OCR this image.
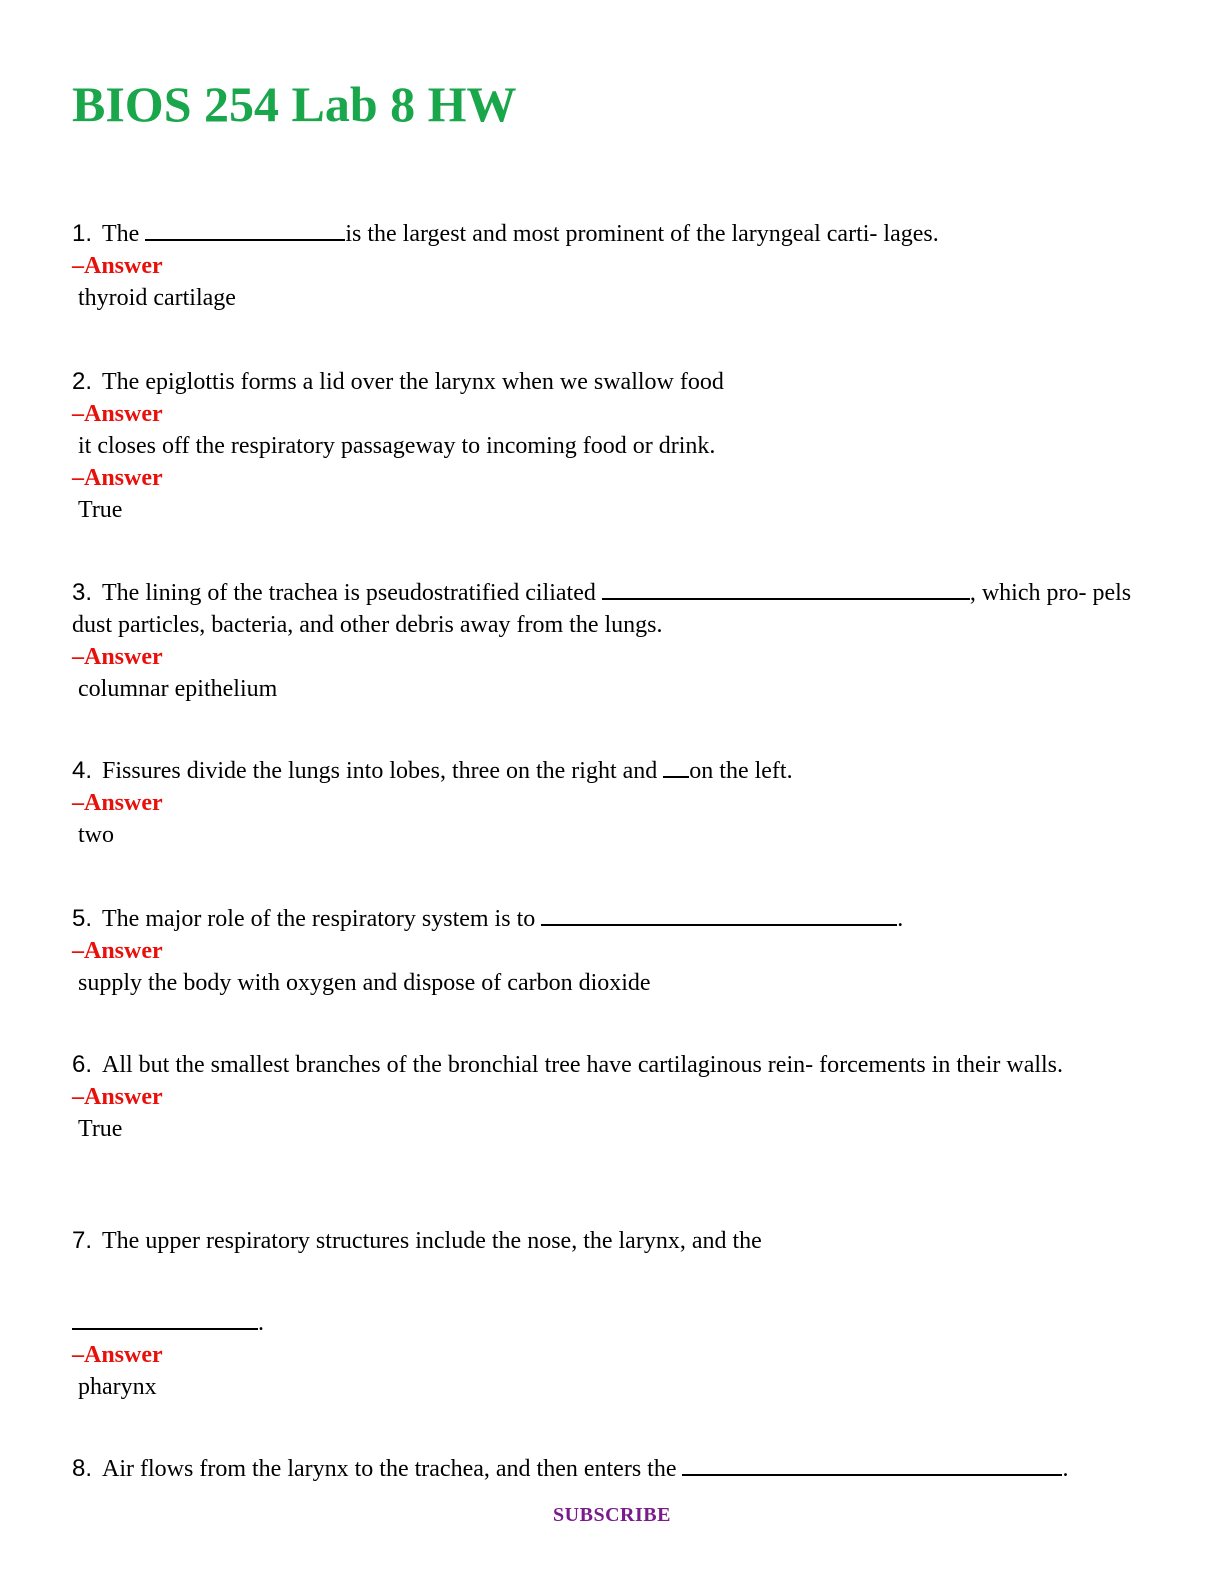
BIOS 254 Lab 8 HW
1. The	is the largest and most prominent of the laryngeal carti- lages.
–Answer
thyroid cartilage
2. The epiglottis forms a lid over the larynx when we swallow food
–Answer
it closes off the respiratory passageway to incoming food or drink.
–Answer
True
3. The lining of the trachea is pseudostratified ciliated	, which pro- pels dust particles, bacteria, and other debris away from the lungs.
–Answer
columnar epithelium
4. Fissures divide the lungs into lobes, three on the right and on the left.
–Answer
two
5. The major role of the respiratory system is to	.
–Answer
supply the body with oxygen and dispose of carbon dioxide
6. All but the smallest branches of the bronchial tree have cartilaginous rein- forcements in their walls.
–Answer
True
7. The upper respiratory structures include the nose, the larynx, and the
.
–Answer
pharynx
8. Air flows from the larynx to the trachea, and then enters the	.
SUBSCRIBE
